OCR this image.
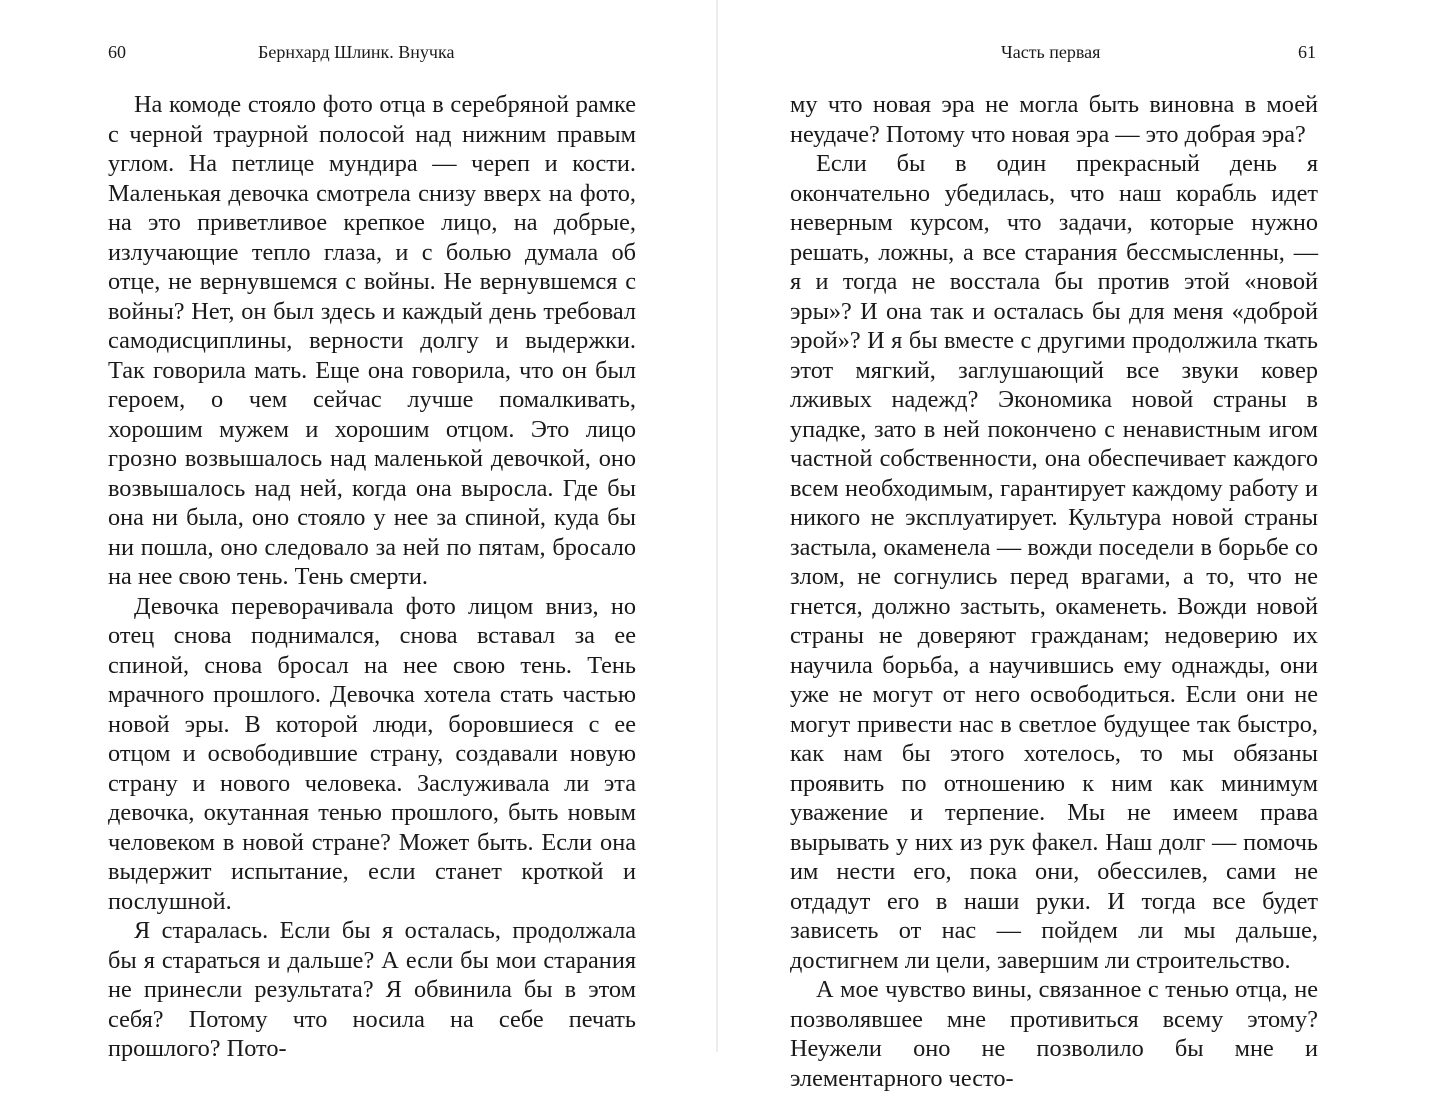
60	Бернхард Шлинк. Внучка

На комоде стояло фото отца в серебряной рамке с черной траурной полосой над нижним правым углом. На петлице мундира — череп и кости. Маленькая девочка смотрела снизу вверх на фото, на это приветливое крепкое лицо, на добрые, излучающие тепло глаза, и с болью думала об отце, не вернувшемся с войны. Не вернувшемся с войны? Нет, он был здесь и каждый день требовал самодисциплины, верности долгу и выдержки. Так говорила мать. Еще она говорила, что он был героем, о чем сейчас лучше помалкивать, хорошим мужем и хорошим отцом. Это лицо грозно возвышалось над маленькой девочкой, оно возвышалось над ней, когда она выросла. Где бы она ни была, оно стояло у нее за спиной, куда бы ни пошла, оно следовало за ней по пятам, бросало на нее свою тень. Тень смерти.

Девочка переворачивала фото лицом вниз, но отец снова поднимался, снова вставал за ее спиной, снова бросал на нее свою тень. Тень мрачного прошлого. Девочка хотела стать частью новой эры. В которой люди, боровшиеся с ее отцом и освободившие страну, создавали новую страну и нового человека. Заслуживала ли эта девочка, окутанная тенью прошлого, быть новым человеком в новой стране? Может быть. Если она выдержит испытание, если станет кроткой и послушной.

Я старалась. Если бы я осталась, продолжала бы я стараться и дальше? А если бы мои старания не принесли результата? Я обвинила бы в этом себя? Потому что носила на себе печать прошлого? Пото-

Часть первая	61

му что новая эра не могла быть виновна в моей неудаче? Потому что новая эра — это добрая эра?

Если бы в один прекрасный день я окончательно убедилась, что наш корабль идет неверным курсом, что задачи, которые нужно решать, ложны, а все старания бессмысленны, — я и тогда не восстала бы против этой «новой эры»? И она так и осталась бы для меня «доброй эрой»? И я бы вместе с другими продолжила ткать этот мягкий, заглушающий все звуки ковер лживых надежд? Экономика новой страны в упадке, зато в ней покончено с ненавистным игом частной собственности, она обеспечивает каждого всем необходимым, гарантирует каждому работу и никого не эксплуатирует. Культура новой страны застыла, окаменела — вожди поседели в борьбе со злом, не согнулись перед врагами, а то, что не гнется, должно застыть, окаменеть. Вожди новой страны не доверяют гражданам; недоверию их научила борьба, а научившись ему однажды, они уже не могут от него освободиться. Если они не могут привести нас в светлое будущее так быстро, как нам бы этого хотелось, то мы обязаны проявить по отношению к ним как минимум уважение и терпение. Мы не имеем права вырывать у них из рук факел. Наш долг — помочь им нести его, пока они, обессилев, сами не отдадут его в наши руки. И тогда все будет зависеть от нас — пойдем ли мы дальше, достигнем ли цели, завершим ли строительство.

А мое чувство вины, связанное с тенью отца, не позволявшее мне противиться всему этому? Неужели оно не позволило бы мне и элементарного често-
